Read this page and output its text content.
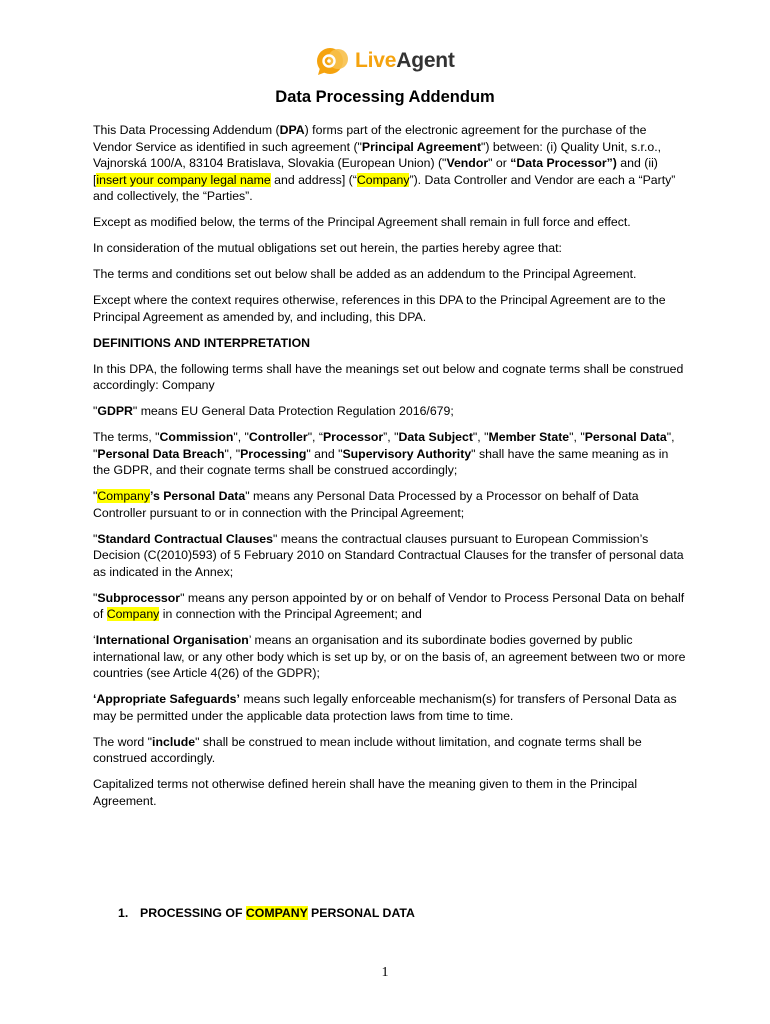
LiveAgent
Data Processing Addendum

This Data Processing Addendum (DPA) forms part of the electronic agreement for the purchase of the Vendor Service as identified in such agreement ("Principal Agreement") between: (i) Quality Unit, s.r.o., Vajnorská 100/A, 83104 Bratislava, Slovakia (European Union) ("Vendor" or “Data Processor”) and (ii) [insert your company legal name and address] (“Company”). Data Controller and Vendor are each a “Party” and collectively, the “Parties”.

Except as modified below, the terms of the Principal Agreement shall remain in full force and effect.

In consideration of the mutual obligations set out herein, the parties hereby agree that:

The terms and conditions set out below shall be added as an addendum to the Principal Agreement.

Except where the context requires otherwise, references in this DPA to the Principal Agreement are to the Principal Agreement as amended by, and including, this DPA.

DEFINITIONS AND INTERPRETATION

In this DPA, the following terms shall have the meanings set out below and cognate terms shall be construed accordingly: Company

"GDPR" means EU General Data Protection Regulation 2016/679;

The terms, "Commission", "Controller", “Processor”, "Data Subject", "Member State", "Personal Data", "Personal Data Breach", "Processing" and "Supervisory Authority" shall have the same meaning as in the GDPR, and their cognate terms shall be construed accordingly;

"Company’s Personal Data" means any Personal Data Processed by a Processor on behalf of Data Controller pursuant to or in connection with the Principal Agreement;

"Standard Contractual Clauses" means the contractual clauses pursuant to European Commission’s Decision (C(2010)593) of 5 February 2010 on Standard Contractual Clauses for the transfer of personal data as indicated in the Annex;

"Subprocessor" means any person appointed by or on behalf of Vendor to Process Personal Data on behalf of Company in connection with the Principal Agreement; and

‘International Organisation’ means an organisation and its subordinate bodies governed by public international law, or any other body which is set up by, or on the basis of, an agreement between two or more countries (see Article 4(26) of the GDPR);

‘Appropriate Safeguards’ means such legally enforceable mechanism(s) for transfers of Personal Data as may be permitted under the applicable data protection laws from time to time.

The word "include" shall be construed to mean include without limitation, and cognate terms shall be construed accordingly.

Capitalized terms not otherwise defined herein shall have the meaning given to them in the Principal Agreement.

1. PROCESSING OF COMPANY PERSONAL DATA
1
